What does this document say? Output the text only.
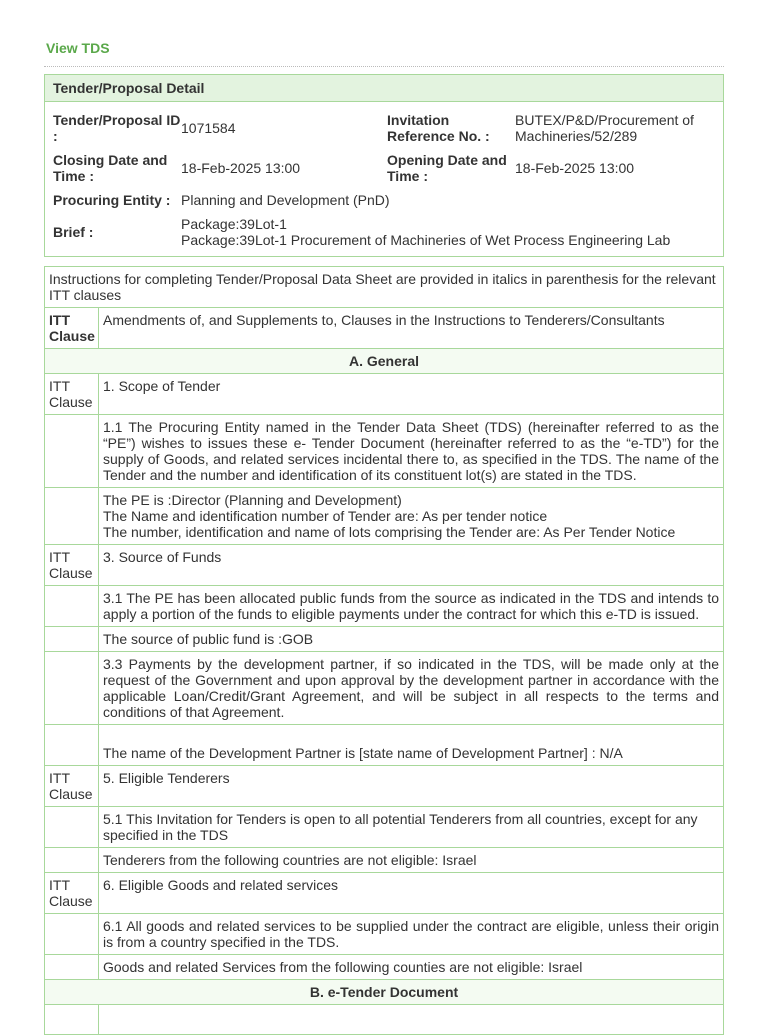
View TDS
Tender/Proposal Detail

Tender/Proposal ID :	1071584	Invitation Reference No. :	BUTEX/P&D/Procurement of Machineries/52/289
Closing Date and Time :	18-Feb-2025 13:00	Opening Date and Time :	18-Feb-2025 13:00
Procuring Entity :	Planning and Development (PnD)
Brief :	Package:39Lot-1
Package:39Lot-1 Procurement of Machineries of Wet Process Engineering Lab
Instructions for completing Tender/Proposal Data Sheet are provided in italics in parenthesis for the relevant ITT clauses	
ITT Clause	Amendments of, and Supplements to, Clauses in the Instructions to Tenderers/Consultants
A. General	
ITT Clause	1. Scope of Tender
	1.1 The Procuring Entity named in the Tender Data Sheet (TDS) (hereinafter referred to as the “PE”) wishes to issues these e- Tender Document (hereinafter referred to as the “e-TD”) for the supply of Goods, and related services incidental there to, as specified in the TDS. The name of the Tender and the number and identification of its constituent lot(s) are stated in the TDS.

	The PE is :Director (Planning and Development)
The Name and identification number of Tender are: As per tender notice
The number, identification and name of lots comprising the Tender are: As Per Tender Notice

ITT Clause	3. Source of Funds
	3.1 The PE has been allocated public funds from the source as indicated in the TDS and intends to apply a portion of the funds to eligible payments under the contract for which this e-TD is issued.
	The source of public fund is :GOB
	3.3 Payments by the development partner, if so indicated in the TDS, will be made only at the request of the Government and upon approval by the development partner in accordance with the applicable Loan/Credit/Grant Agreement, and will be subject in all respects to the terms and conditions of that Agreement.
	The name of the Development Partner is [state name of Development Partner] : N/A
ITT Clause	5. Eligible Tenderers
	5.1 This Invitation for Tenders is open to all potential Tenderers from all countries, except for any specified in the TDS
	Tenderers from the following countries are not eligible: Israel
ITT Clause	6. Eligible Goods and related services
	6.1 All goods and related services to be supplied under the contract are eligible, unless their origin is from a country specified in the TDS.
	Goods and related Services from the following counties are not eligible: Israel
B. e-Tender Document	
